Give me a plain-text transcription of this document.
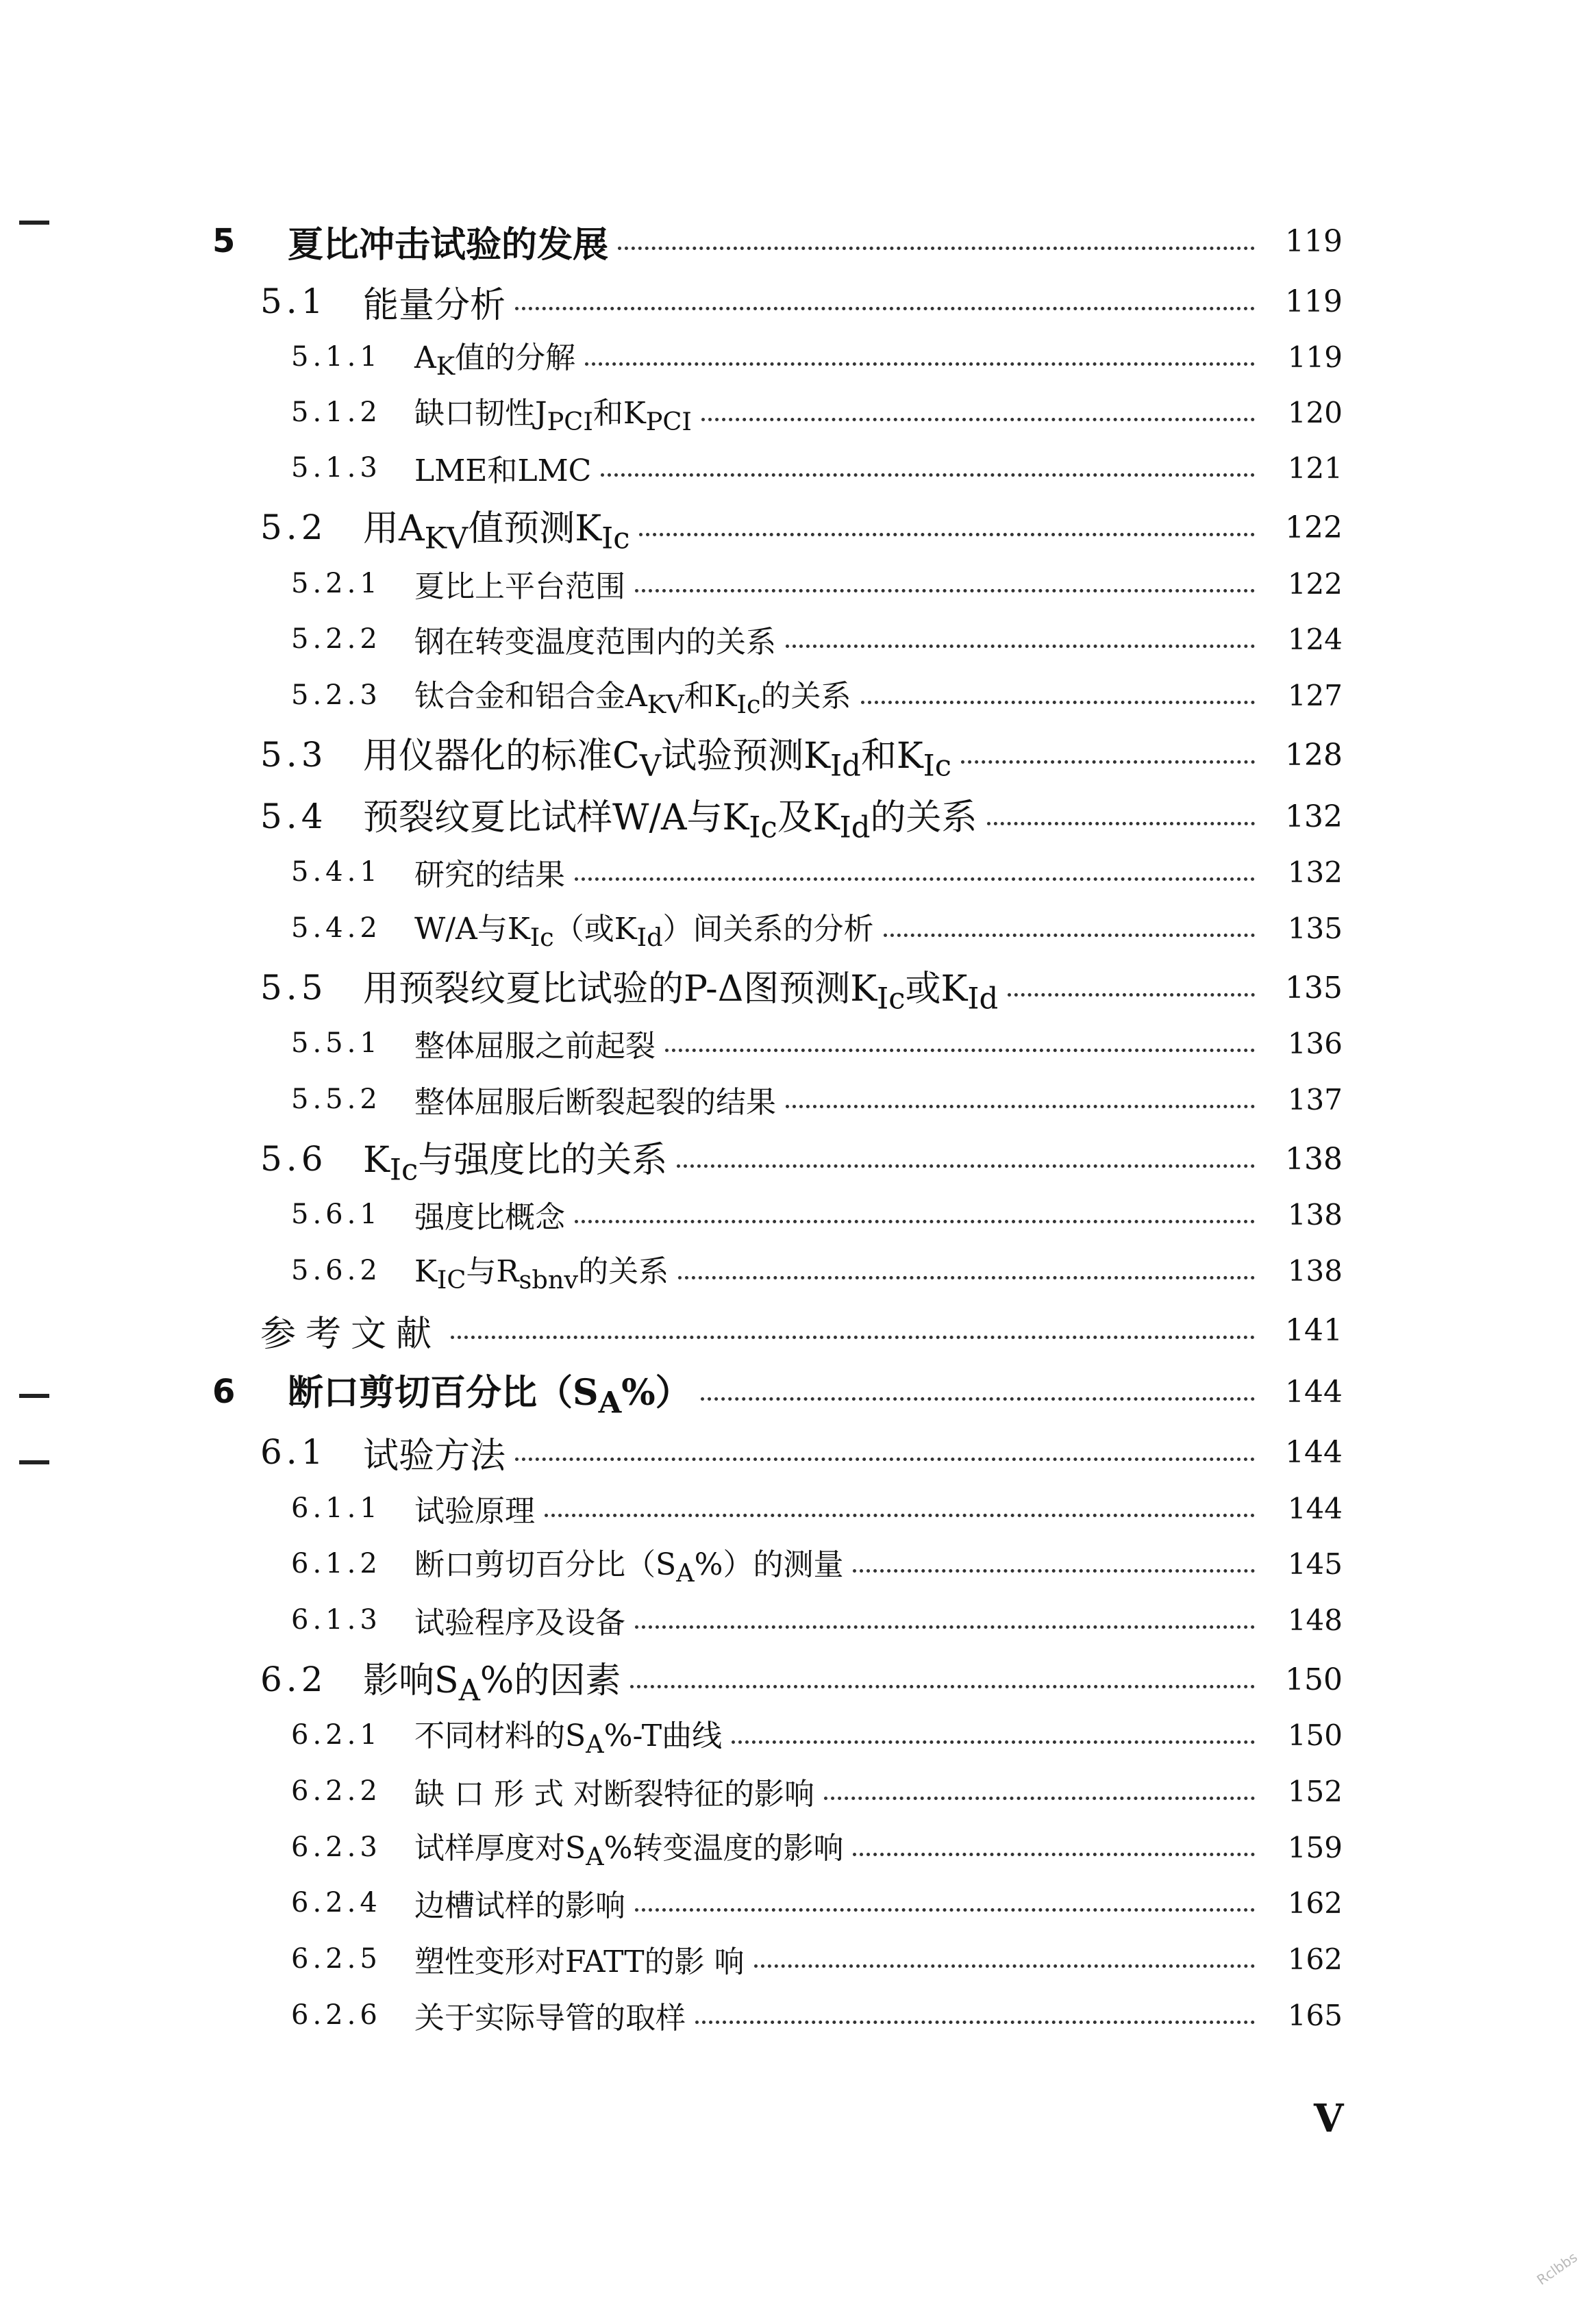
5	夏比冲击试验的发展	119
5.1	能量分析	119
5.1.1	$A_K$值的分解	119
5.1.2	缺口韧性$J_{PCI}$和$K_{PCI}$	120
5.1.3	LME和LMC	121
5.2	用$A_{KV}$值预测$K_{Ic}$	122
5.2.1	夏比上平台范围	122
5.2.2	钢在转变温度范围内的关系	124
5.2.3	钛合金和铝合金$A_{KV}$和$K_{Ic}$的关系	127
5.3	用仪器化的标准$C_V$试验预测$K_{Id}$和$K_{Ic}$	128
5.4	预裂纹夏比试样W/A与$K_{Ic}$及$K_{Id}$的关系	132
5.4.1	研究的结果	132
5.4.2	W/A与$K_{Ic}$（或$K_{Id}$）间关系的分析	135
5.5	用预裂纹夏比试验的P-Δ图预测$K_{Ic}$或$K_{Id}$	135
5.5.1	整体屈服之前起裂	136
5.5.2	整体屈服后断裂起裂的结果	137
5.6	$K_{Ic}$与强度比的关系	138
5.6.1	强度比概念	138
5.6.2	$K_{IC}$与$R_{sbnv}$的关系	138
参考文献	141
6	断口剪切百分比$(S_A\%)$	144
6.1	试验方法	144
6.1.1	试验原理	144
6.1.2	断口剪切百分比$(S_A\%)$的测量	145
6.1.3	试验程序及设备	148
6.2	影响$S_A\%$的因素	150
6.2.1	不同材料的$S_A\%-T$曲线	150
6.2.2	缺 口 形 式 对断裂特征的影响	152
6.2.3	试样厚度对$S_A\%$转变温度的影响	159
6.2.4	边槽试样的影响	162
6.2.5	塑性变形对FATT的影 响	162
6.2.6	关于实际导管的取样	165
V
Rclbbs
